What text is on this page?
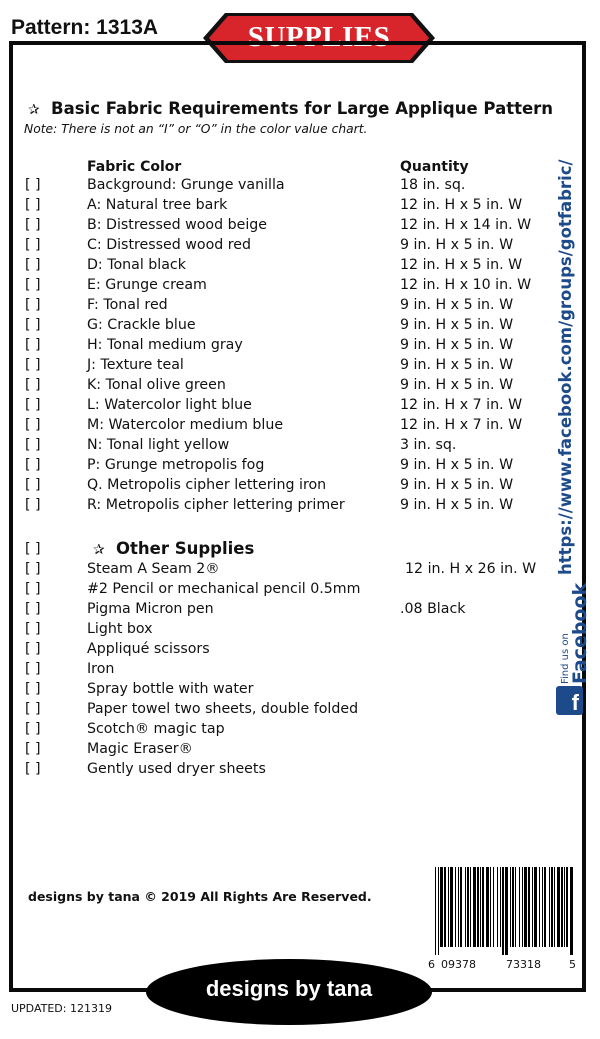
Pattern: 1313A	SUPPLIES
✰ Basic Fabric Requirements for Large Applique Pattern
Note: There is not an “I” or “O” in the color value chart.
Fabric Color	Quantity
[ ]	Background: Grunge vanilla	18 in. sq.
[ ]	A: Natural tree bark	12 in. H x 5 in. W
[ ]	B: Distressed wood beige	12 in. H x 14 in. W
[ ]	C: Distressed wood red	9 in. H x 5 in. W
[ ]	D: Tonal black	12 in. H x 5 in. W
[ ]	E: Grunge cream	12 in. H x 10 in. W
[ ]	F: Tonal red	9 in. H x 5 in. W
[ ]	G: Crackle blue	9 in. H x 5 in. W
[ ]	H: Tonal medium gray	9 in. H x 5 in. W
[ ]	J: Texture teal	9 in. H x 5 in. W
[ ]	K: Tonal olive green	9 in. H x 5 in. W
[ ]	L: Watercolor light blue	12 in. H x 7 in. W
[ ]	M: Watercolor medium blue	12 in. H x 7 in. W
[ ]	N: Tonal light yellow	3 in. sq.
[ ]	P: Grunge metropolis fog	9 in. H x 5 in. W
[ ]	Q. Metropolis cipher lettering iron	9 in. H x 5 in. W
[ ]	R: Metropolis cipher lettering primer	9 in. H x 5 in. W
[ ]	✰ Other Supplies
[ ]	Steam A Seam 2®	12 in. H x 26 in. W
[ ]	#2 Pencil or mechanical pencil 0.5mm
[ ]	Pigma Micron pen	.08 Black
[ ]	Light box
[ ]	Appliqué scissors
[ ]	Iron
[ ]	Spray bottle with water
[ ]	Paper towel two sheets, double folded
[ ]	Scotch® magic tap
[ ]	Magic Eraser®
[ ]	Gently used dryer sheets
https://www.facebook.com/groups/gotfabric/
Find us on
Facebook
f
designs by tana © 2019 All Rights Are Reserved.
6 09378	73318	5
designs by tana
UPDATED: 121319
